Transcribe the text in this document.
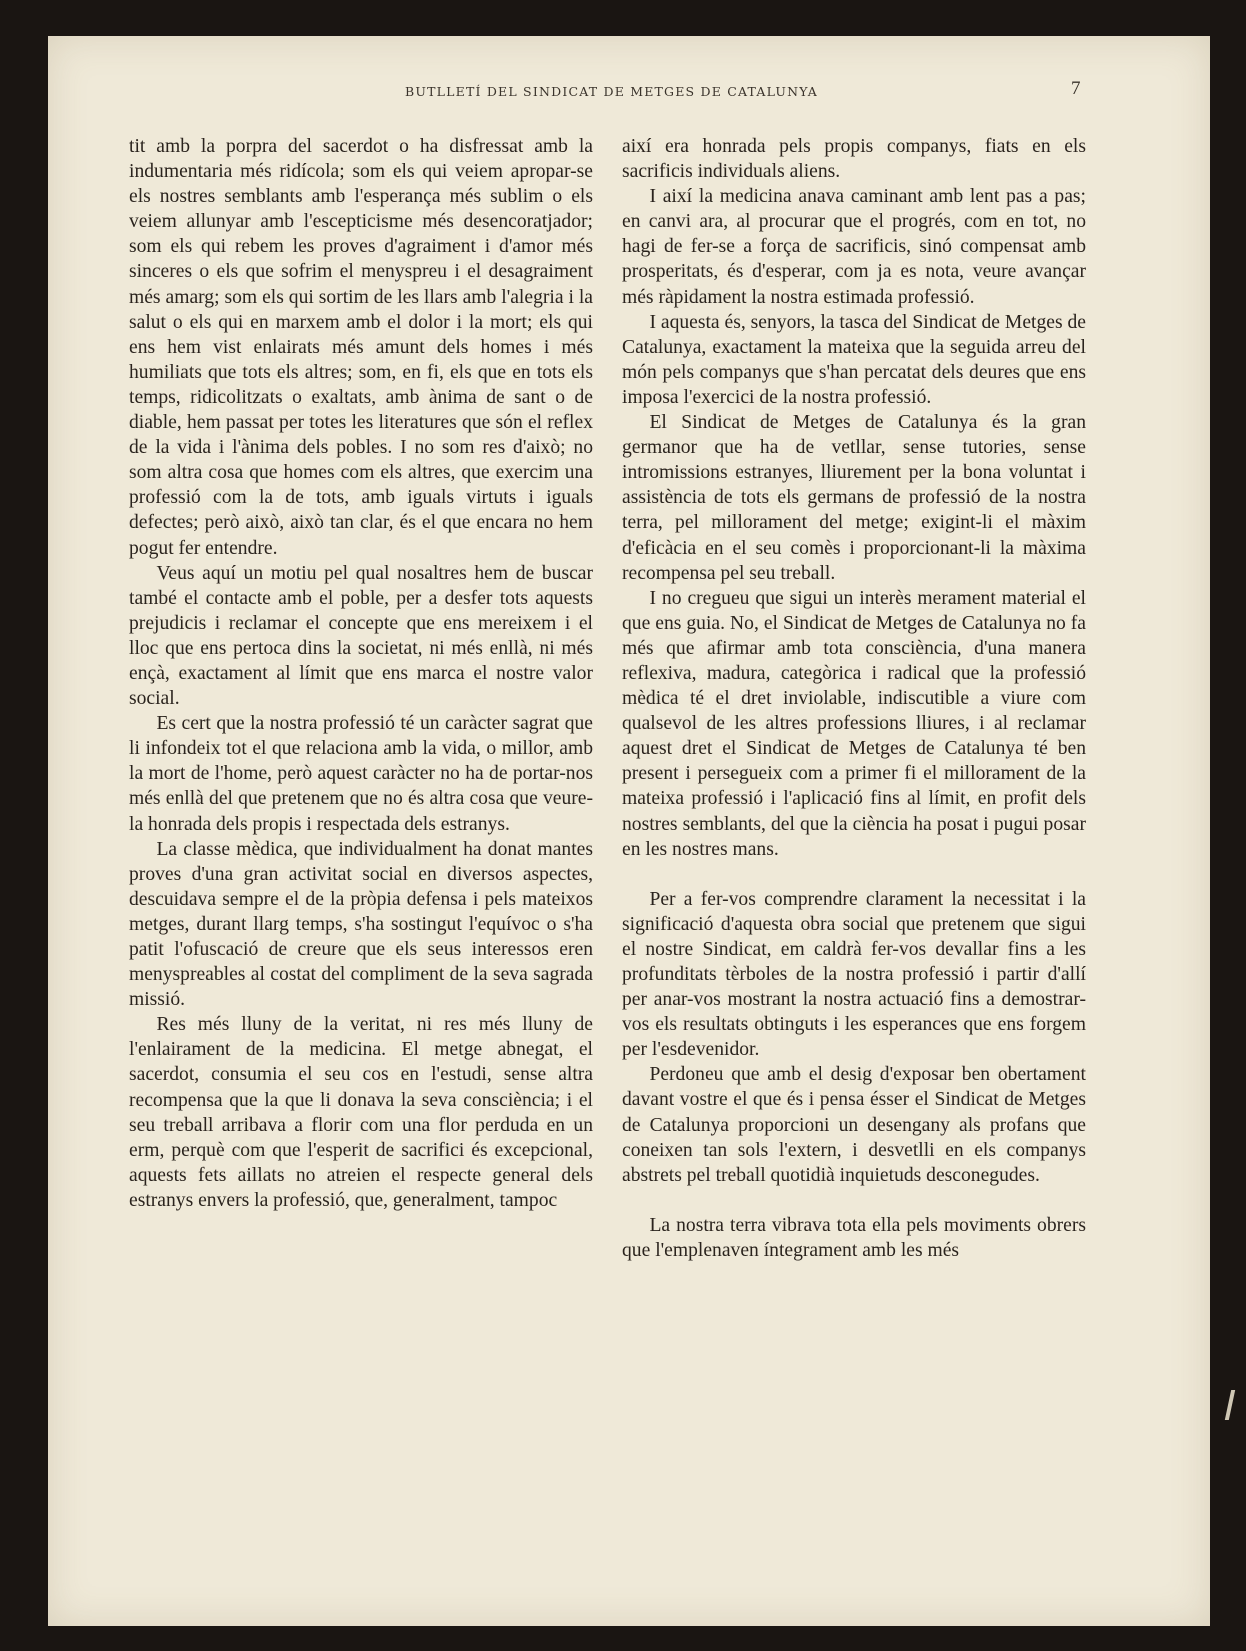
BUTLLETÍ DEL SINDICAT DE METGES DE CATALUNYA	7

tit amb la porpra del sacerdot o ha disfressat amb la indumentaria més ridícola; som els qui veiem apropar-se els nostres semblants amb l'esperança més sublim o els veiem allunyar amb l'escepticisme més desencoratjador; som els qui rebem les proves d'agraiment i d'amor més sinceres o els que sofrim el menyspreu i el desagraiment més amarg; som els qui sortim de les llars amb l'alegria i la salut o els qui en marxem amb el dolor i la mort; els qui ens hem vist enlairats més amunt dels homes i més humiliats que tots els altres; som, en fi, els que en tots els temps, ridicolitzats o exaltats, amb ànima de sant o de diable, hem passat per totes les literatures que són el reflex de la vida i l'ànima dels pobles. I no som res d'això; no som altra cosa que homes com els altres, que exercim una professió com la de tots, amb iguals virtuts i iguals defectes; però això, això tan clar, és el que encara no hem pogut fer entendre.

Veus aquí un motiu pel qual nosaltres hem de buscar també el contacte amb el poble, per a desfer tots aquests prejudicis i reclamar el concepte que ens mereixem i el lloc que ens pertoca dins la societat, ni més enllà, ni més ençà, exactament al límit que ens marca el nostre valor social.

Es cert que la nostra professió té un caràcter sagrat que li infondeix tot el que relaciona amb la vida, o millor, amb la mort de l'home, però aquest caràcter no ha de portar-nos més enllà del que pretenem que no és altra cosa que veure-la honrada dels propis i respectada dels estranys.

La classe mèdica, que individualment ha donat mantes proves d'una gran activitat social en diversos aspectes, descuidava sempre el de la pròpia defensa i pels mateixos metges, durant llarg temps, s'ha sostingut l'equívoc o s'ha patit l'ofuscació de creure que els seus interessos eren menyspreables al costat del compliment de la seva sagrada missió.

Res més lluny de la veritat, ni res més lluny de l'enlairament de la medicina. El metge abnegat, el sacerdot, consumia el seu cos en l'estudi, sense altra recompensa que la que li donava la seva consciència; i el seu treball arribava a florir com una flor perduda en un erm, perquè com que l'esperit de sacrifici és excepcional, aquests fets aillats no atreien el respecte general dels estranys envers la professió, que, generalment, tampoc

així era honrada pels propis companys, fiats en els sacrificis individuals aliens.

I així la medicina anava caminant amb lent pas a pas; en canvi ara, al procurar que el progrés, com en tot, no hagi de fer-se a força de sacrificis, sinó compensat amb prosperitats, és d'esperar, com ja es nota, veure avançar més ràpidament la nostra estimada professió.

I aquesta és, senyors, la tasca del Sindicat de Metges de Catalunya, exactament la mateixa que la seguida arreu del món pels companys que s'han percatat dels deures que ens imposa l'exercici de la nostra professió.

El Sindicat de Metges de Catalunya és la gran germanor que ha de vetllar, sense tutories, sense intromissions estranyes, lliurement per la bona voluntat i assistència de tots els germans de professió de la nostra terra, pel millorament del metge; exigint-li el màxim d'eficàcia en el seu comès i proporcionant-li la màxima recompensa pel seu treball.

I no cregueu que sigui un interès merament material el que ens guia. No, el Sindicat de Metges de Catalunya no fa més que afirmar amb tota consciència, d'una manera reflexiva, madura, categòrica i radical que la professió mèdica té el dret inviolable, indiscutible a viure com qualsevol de les altres professions lliures, i al reclamar aquest dret el Sindicat de Metges de Catalunya té ben present i persegueix com a primer fi el millorament de la mateixa professió i l'aplicació fins al límit, en profit dels nostres semblants, del que la ciència ha posat i pugui posar en les nostres mans.

Per a fer-vos comprendre clarament la necessitat i la significació d'aquesta obra social que pretenem que sigui el nostre Sindicat, em caldrà fer-vos devallar fins a les profunditats tèrboles de la nostra professió i partir d'allí per anar-vos mostrant la nostra actuació fins a demostrar-vos els resultats obtinguts i les esperances que ens forgem per l'esdevenidor.

Perdoneu que amb el desig d'exposar ben obertament davant vostre el que és i pensa ésser el Sindicat de Metges de Catalunya proporcioni un desengany als profans que coneixen tan sols l'extern, i desvetlli en els companys abstrets pel treball quotidià inquietuds desconegudes.

La nostra terra vibrava tota ella pels moviments obrers que l'emplenaven íntegrament amb les més
